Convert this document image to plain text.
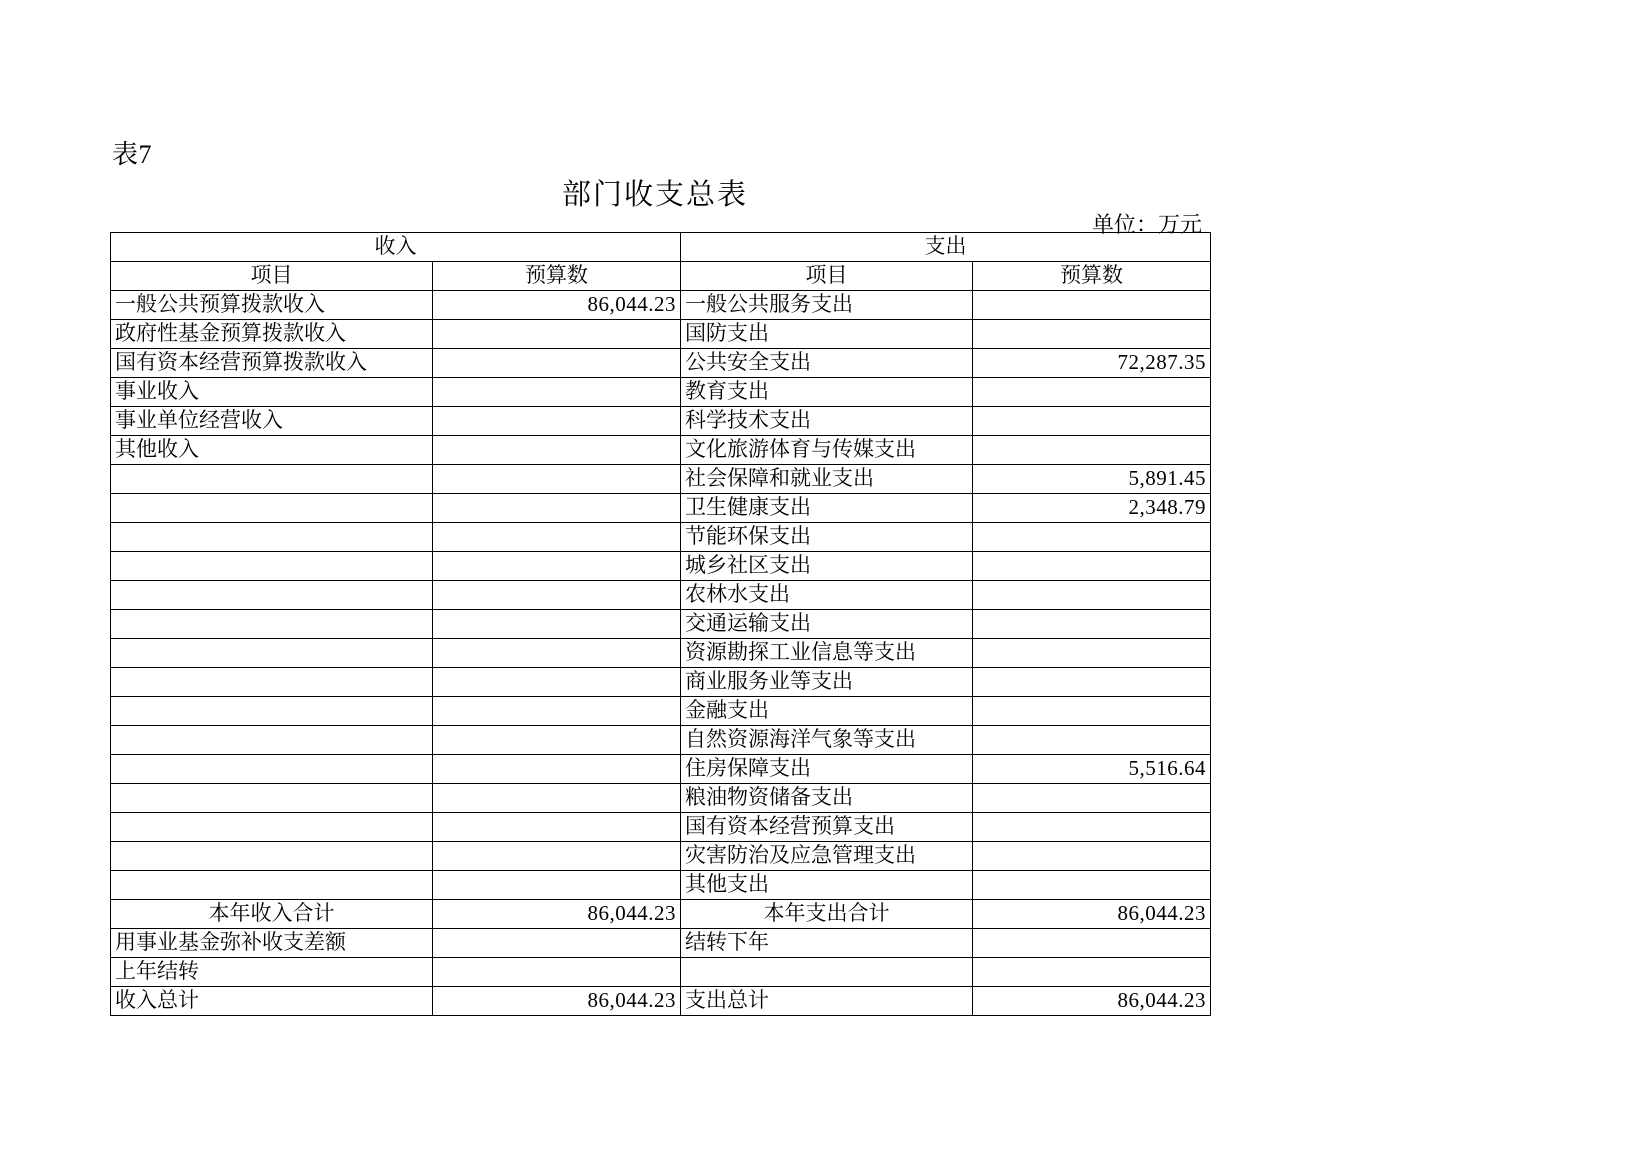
表7
部门收支总表
单位：万元
收入		支出	
项目	预算数	项目	预算数
一般公共预算拨款收入	86,044.23	一般公共服务支出	
政府性基金预算拨款收入		国防支出	
国有资本经营预算拨款收入		公共安全支出	72,287.35
事业收入		教育支出	
事业单位经营收入		科学技术支出	
其他收入		文化旅游体育与传媒支出	
		社会保障和就业支出	5,891.45
		卫生健康支出	2,348.79
		节能环保支出	
		城乡社区支出	
		农林水支出	
		交通运输支出	
		资源勘探工业信息等支出	
		商业服务业等支出	
		金融支出	
		自然资源海洋气象等支出	
		住房保障支出	5,516.64
		粮油物资储备支出	
		国有资本经营预算支出	
		灾害防治及应急管理支出	
		其他支出	
本年收入合计	86,044.23	本年支出合计	86,044.23
用事业基金弥补收支差额		结转下年	
上年结转			
收入总计	86,044.23	支出总计	86,044.23
